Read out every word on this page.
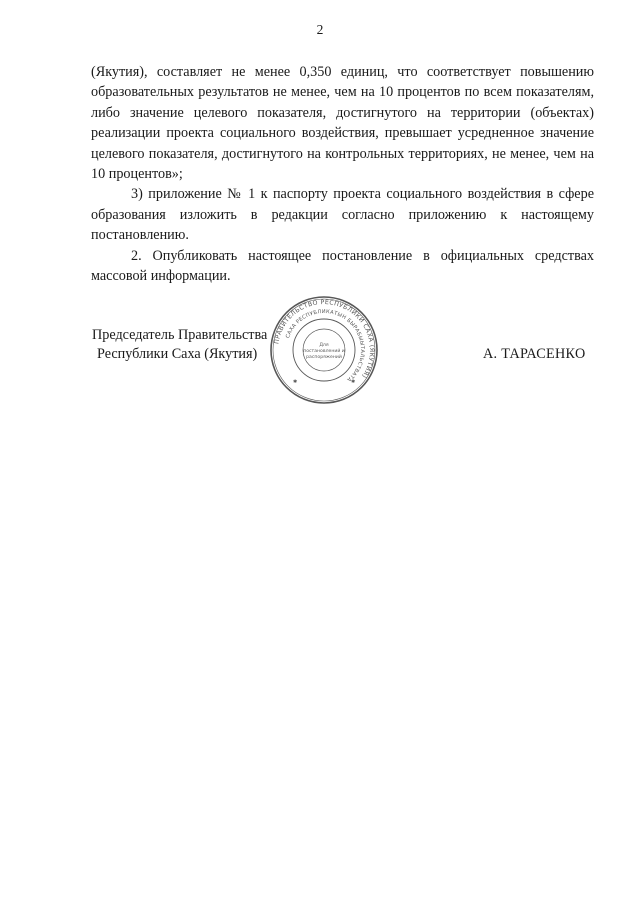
2

(Якутия), составляет не менее 0,350 единиц, что соответствует повышению образовательных результатов не менее, чем на 10 процентов по всем показателям, либо значение целевого показателя, достигнутого на территории (объектах) реализации проекта социального воздействия, превышает усредненное значение целевого показателя, достигнутого на контрольных территориях, не менее, чем на 10 процентов»;

3) приложение № 1 к паспорту проекта социального воздействия в сфере образования изложить в редакции согласно приложению к настоящему постановлению.

2. Опубликовать настоящее постановление в официальных средствах массовой информации.

Председатель Правительства
Республики Саха (Якутия)
ПРАВИТЕЛЬСТВО РЕСПУБЛИКИ САХА (ЯКУТИЯ)
САХА РЕСПУБЛИКАТЫН БЫРАБЫЫТАЛЬСТВАТА
Для
постановлений и
распоряжений
✱	✱
А. ТАРАСЕНКО
